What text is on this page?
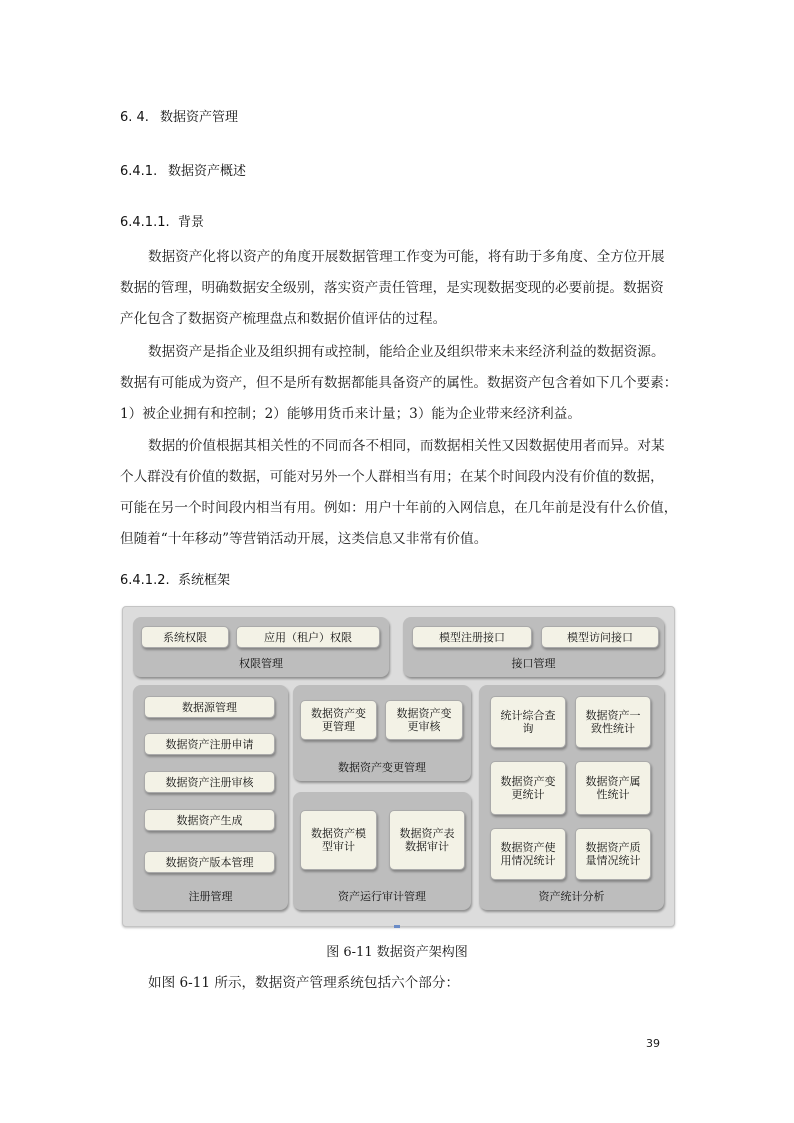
6. 4. 数据资产管理
6.4.1. 数据资产概述
6.4.1.1. 背景
数据资产化将以资产的角度开展数据管理工作变为可能，将有助于多角度、全方位开展
数据的管理，明确数据安全级别，落实资产责任管理，是实现数据变现的必要前提。数据资
产化包含了数据资产梳理盘点和数据价值评估的过程。
数据资产是指企业及组织拥有或控制，能给企业及组织带来未来经济利益的数据资源。
数据有可能成为资产，但不是所有数据都能具备资产的属性。数据资产包含着如下几个要素：
1）被企业拥有和控制；2）能够用货币来计量；3）能为企业带来经济利益。
数据的价值根据其相关性的不同而各不相同，而数据相关性又因数据使用者而异。对某
个人群没有价值的数据，可能对另外一个人群相当有用；在某个时间段内没有价值的数据，
可能在另一个时间段内相当有用。例如：用户十年前的入网信息，在几年前是没有什么价值，
但随着“十年移动”等营销活动开展，这类信息又非常有价值。
6.4.1.2. 系统框架
系统权限	应用（租户）权限
权限管理
模型注册接口	模型访问接口
接口管理
数据源管理
数据资产注册申请
数据资产注册审核
数据资产生成
数据资产版本管理
注册管理
数据资产变
更管理
数据资产变
更审核
数据资产变更管理
数据资产模
型审计
数据资产表
数据审计
资产运行审计管理
统计综合查
询
数据资产一
致性统计
数据资产变
更统计
数据资产属
性统计
数据资产使
用情况统计
数据资产质
量情况统计
资产统计分析
图 6-11 数据资产架构图
如图 6-11 所示，数据资产管理系统包括六个部分：
39
